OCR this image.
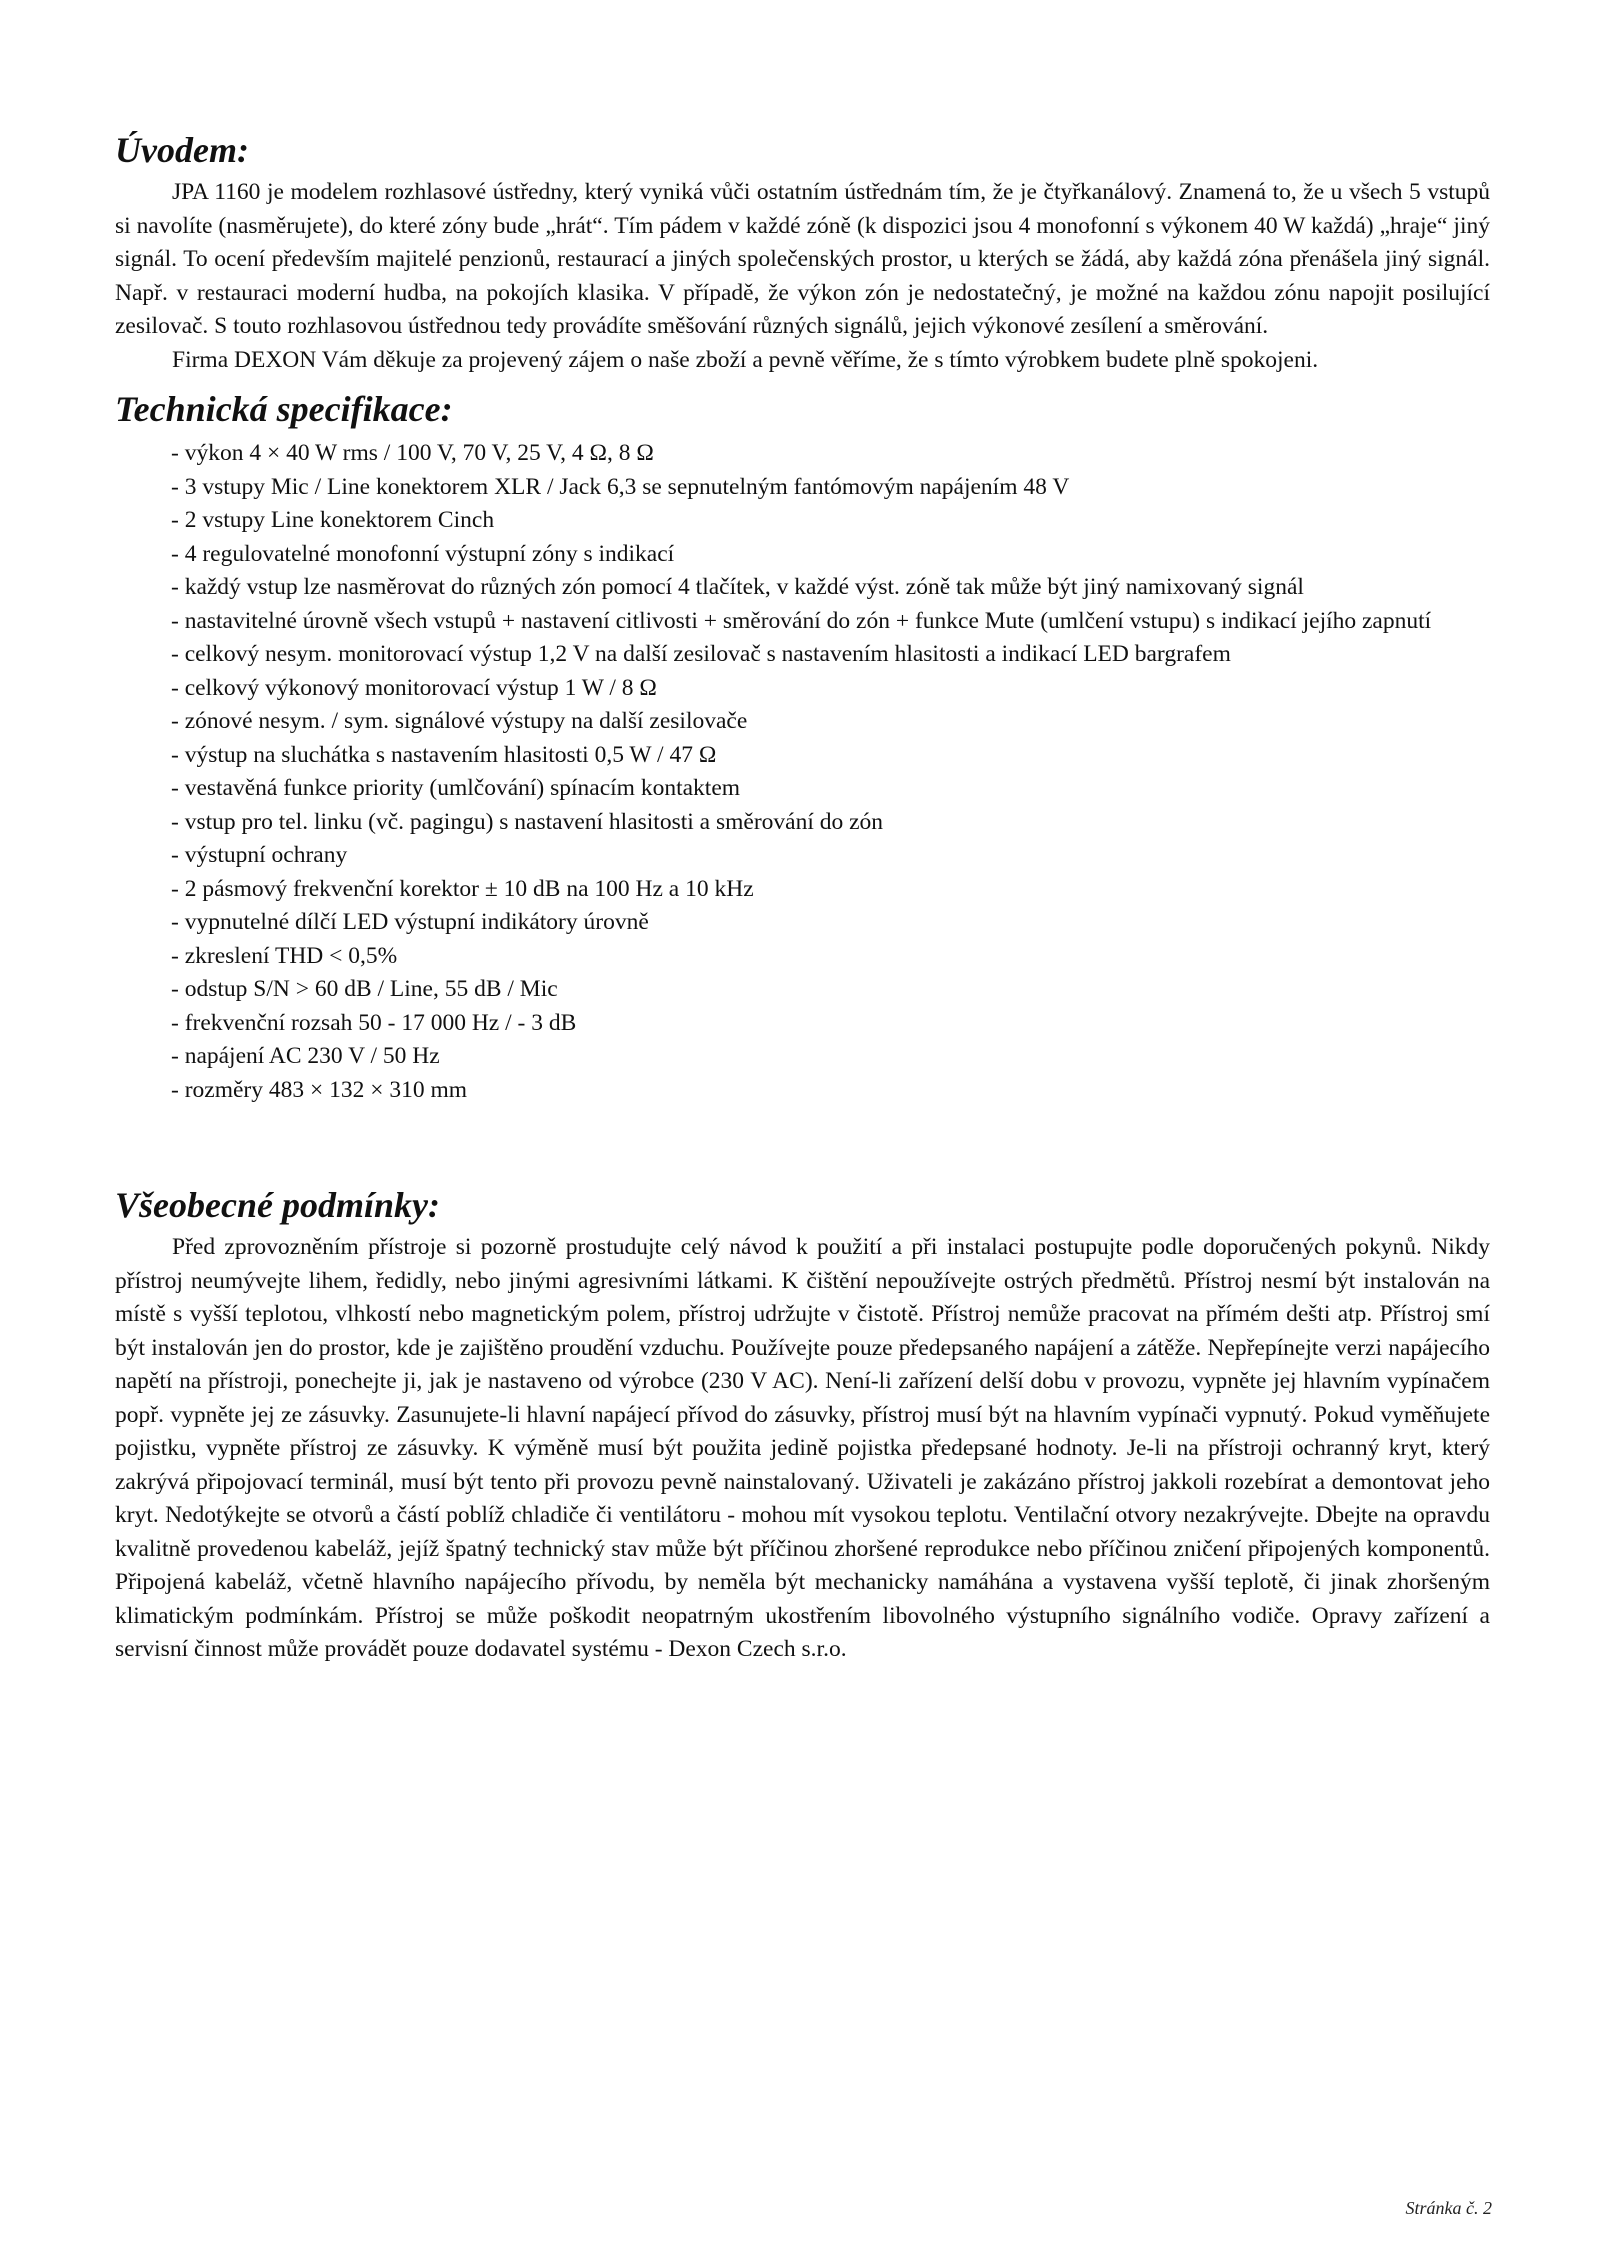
Úvodem:

JPA 1160 je modelem rozhlasové ústředny, který vyniká vůči ostatním ústřednám tím, že je čtyřkanálový. Znamená to, že u všech 5 vstupů si navolíte (nasměrujete), do které zóny bude „hrát“. Tím pádem v každé zóně (k dispozici jsou 4 monofonní s výkonem 40 W každá) „hraje“ jiný signál. To ocení především majitelé penzionů, restaurací a jiných společenských prostor, u kterých se žádá, aby každá zóna přenášela jiný signál. Např. v restauraci moderní hudba, na pokojích klasika. V případě, že výkon zón je nedostatečný, je možné na každou zónu napojit posilující zesilovač. S touto rozhlasovou ústřednou tedy provádíte směšování různých signálů, jejich výkonové zesílení a směrování.

Firma DEXON Vám děkuje za projevený zájem o naše zboží a pevně věříme, že s tímto výrobkem budete plně spokojeni.

Technická specifikace:
- výkon 4 × 40 W rms / 100 V, 70 V, 25 V, 4 Ω, 8 Ω
- 3 vstupy Mic / Line konektorem XLR / Jack 6,3 se sepnutelným fantómovým napájením 48 V
- 2 vstupy Line konektorem Cinch
- 4 regulovatelné monofonní výstupní zóny s indikací
- každý vstup lze nasměrovat do různých zón pomocí 4 tlačítek, v každé výst. zóně tak může být jiný namixovaný signál
- nastavitelné úrovně všech vstupů + nastavení citlivosti + směrování do zón + funkce Mute (umlčení vstupu) s indikací jejího zapnutí
- celkový nesym. monitorovací výstup 1,2 V na další zesilovač s nastavením hlasitosti a indikací LED bargrafem
- celkový výkonový monitorovací výstup 1 W / 8 Ω
- zónové nesym. / sym. signálové výstupy na další zesilovače
- výstup na sluchátka s nastavením hlasitosti 0,5 W / 47 Ω
- vestavěná funkce priority (umlčování) spínacím kontaktem
- vstup pro tel. linku (vč. pagingu) s nastavení hlasitosti a směrování do zón
- výstupní ochrany
- 2 pásmový frekvenční korektor ± 10 dB na 100 Hz a 10 kHz
- vypnutelné dílčí LED výstupní indikátory úrovně
- zkreslení THD < 0,5%
- odstup S/N > 60 dB / Line, 55 dB / Mic
- frekvenční rozsah 50 - 17 000 Hz / - 3 dB
- napájení AC 230 V / 50 Hz
- rozměry 483 × 132 × 310 mm
Všeobecné podmínky:

Před zprovozněním přístroje si pozorně prostudujte celý návod k použití a při instalaci postupujte podle doporučených pokynů. Nikdy přístroj neumývejte lihem, ředidly, nebo jinými agresivními látkami. K čištění nepoužívejte ostrých předmětů. Přístroj nesmí být instalován na místě s vyšší teplotou, vlhkostí nebo magnetickým polem, přístroj udržujte v čistotě. Přístroj nemůže pracovat na přímém dešti atp. Přístroj smí být instalován jen do prostor, kde je zajištěno proudění vzduchu. Používejte pouze předepsaného napájení a zátěže. Nepřepínejte verzi napájecího napětí na přístroji, ponechejte ji, jak je nastaveno od výrobce (230 V AC). Není-li zařízení delší dobu v provozu, vypněte jej hlavním vypínačem popř. vypněte jej ze zásuvky. Zasunujete-li hlavní napájecí přívod do zásuvky, přístroj musí být na hlavním vypínači vypnutý. Pokud vyměňujete pojistku, vypněte přístroj ze zásuvky. K výměně musí být použita jedině pojistka předepsané hodnoty. Je-li na přístroji ochranný kryt, který zakrývá připojovací terminál, musí být tento při provozu pevně nainstalovaný. Uživateli je zakázáno přístroj jakkoli rozebírat a demontovat jeho kryt. Nedotýkejte se otvorů a částí poblíž chladiče či ventilátoru - mohou mít vysokou teplotu. Ventilační otvory nezakrývejte. Dbejte na opravdu kvalitně provedenou kabeláž, jejíž špatný technický stav může být příčinou zhoršené reprodukce nebo příčinou zničení připojených komponentů. Připojená kabeláž, včetně hlavního napájecího přívodu, by neměla být mechanicky namáhána a vystavena vyšší teplotě, či jinak zhoršeným klimatickým podmínkám. Přístroj se může poškodit neopatrným ukostřením libovolného výstupního signálního vodiče. Opravy zařízení a servisní činnost může provádět pouze dodavatel systému - Dexon Czech s.r.o.

Stránka č. 2
